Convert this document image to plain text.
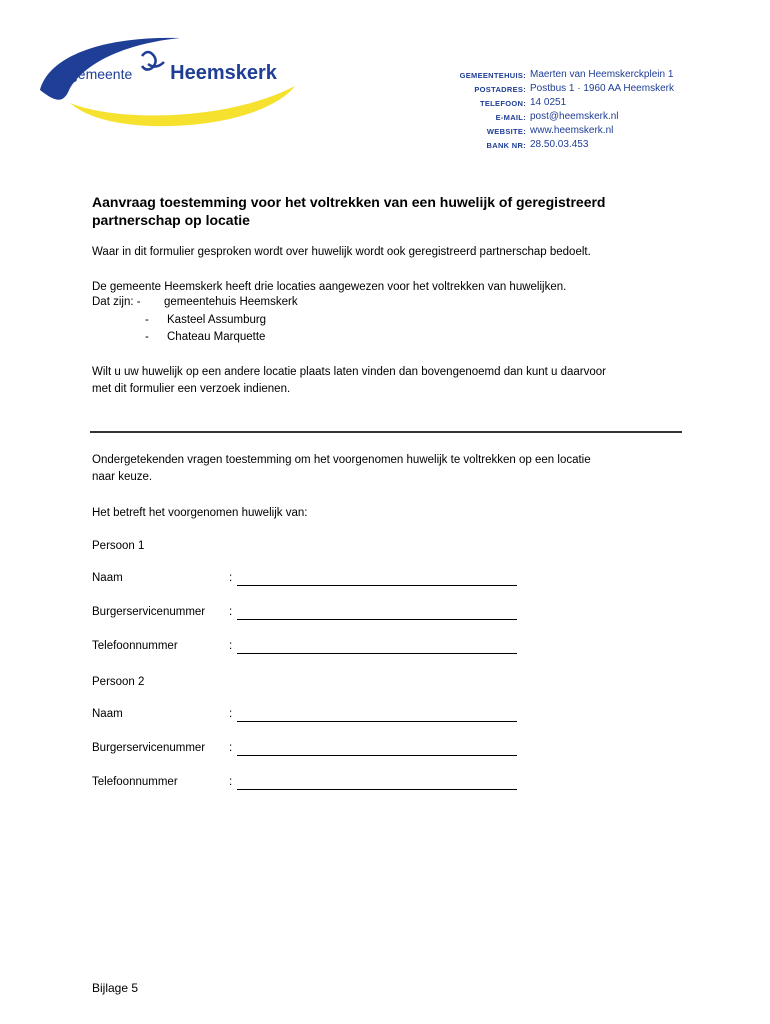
gemeente Heemskerk	GEMEENTEHUIS: Maerten van Heemskerckplein 1
POSTADRES: Postbus 1 · 1960 AA Heemskerk
TELEFOON: 14 0251
E-MAIL: post@heemskerk.nl
WEBSITE: www.heemskerk.nl
BANK NR: 28.50.03.453
Aanvraag toestemming voor het voltrekken van een huwelijk of geregistreerd
partnerschap op locatie
Waar in dit formulier gesproken wordt over huwelijk wordt ook geregistreerd partnerschap bedoelt.
De gemeente Heemskerk heeft drie locaties aangewezen voor het voltrekken van huwelijken.
Dat zijn: - gemeentehuis Heemskerk
- Kasteel Assumburg
- Chateau Marquette
Wilt u uw huwelijk op een andere locatie plaats laten vinden dan bovengenoemd dan kunt u daarvoor
met dit formulier een verzoek indienen.
Ondergetekenden vragen toestemming om het voorgenomen huwelijk te voltrekken op een locatie
naar keuze.
Het betreft het voorgenomen huwelijk van:
Persoon 1
Naam	:
Burgerservicenummer :
Telefoonnummer	:
Persoon 2
Naam	:
Burgerservicenummer :
Telefoonnummer	:
Bijlage 5
